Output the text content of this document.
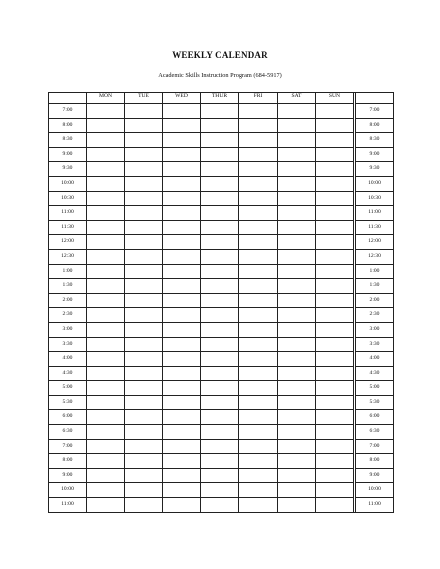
WEEKLY CALENDAR
Academic Skills Instruction Program (684-5917)
	MON	TUE	WED	THUR	FRI	SAT	SUN		
7:00									7:00
8:00									8:00
8:30									8:30
9:00									9:00
9:30									9:30
10:00									10:00
10:30									10:30
11:00									11:00
11:30									11:30
12:00									12:00
12:30									12:30
1:00									1:00
1:30									1:30
2:00									2:00
2:30									2:30
3:00									3:00
3:30									3:30
4:00									4:00
4:30									4:30
5:00									5:00
5:30									5:30
6:00									6:00
6:30									6:30
7:00									7:00
8:00									8:00
9:00									9:00
10:00									10:00
11:00									11:00
